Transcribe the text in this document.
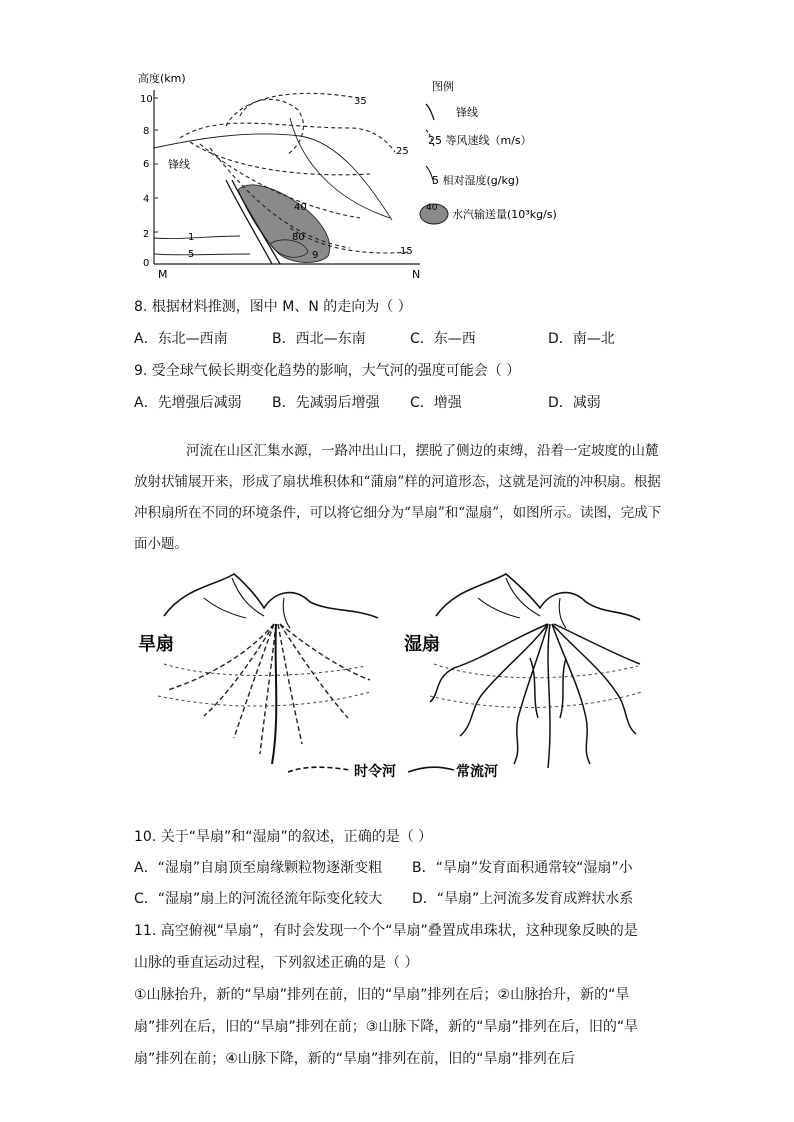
高度(km)
10
8
6
4
2
0
M	N
锋线
35
25
15
1
5
40
80
9
图例
锋线
25 等风速线（m/s）
5 相对湿度(g/kg)
40 水汽输送量(10³kg/s)
8. 根据材料推测，图中 M、N 的走向为（ ）
A．东北—西南	B．西北—东南	C．东—西	D．南—北
9. 受全球气候长期变化趋势的影响，大气河的强度可能会（ ）
A．先增强后减弱 B．先减弱后增强 C．增强	D．减弱
河流在山区汇集水源，一路冲出山口，摆脱了侧边的束缚，沿着一定坡度的山麓放射状铺展开来，形成了扇状堆积体和“蒲扇”样的河道形态，这就是河流的冲积扇。根据冲积扇所在不同的环境条件，可以将它细分为“旱扇”和“湿扇”，如图所示。读图，完成下面小题。
旱扇	湿扇
时令河	常流河
10. 关于“旱扇”和“湿扇”的叙述，正确的是（ ）
A．“湿扇”自扇顶至扇缘颗粒物逐渐变粗 B．“旱扇”发育面积通常较“湿扇”小
C．“湿扇”扇上的河流径流年际变化较大 D．“旱扇”上河流多发育成辫状水系
11. 高空俯视“旱扇”，有时会发现一个个“旱扇”叠置成串珠状，这种现象反映的是
山脉的垂直运动过程，下列叙述正确的是（ ）
①山脉抬升，新的“旱扇”排列在前，旧的“旱扇”排列在后；②山脉抬升，新的“旱
扇”排列在后，旧的“旱扇”排列在前；③山脉下降，新的“旱扇”排列在后，旧的“旱
扇”排列在前；④山脉下降，新的“旱扇”排列在前，旧的“旱扇”排列在后
